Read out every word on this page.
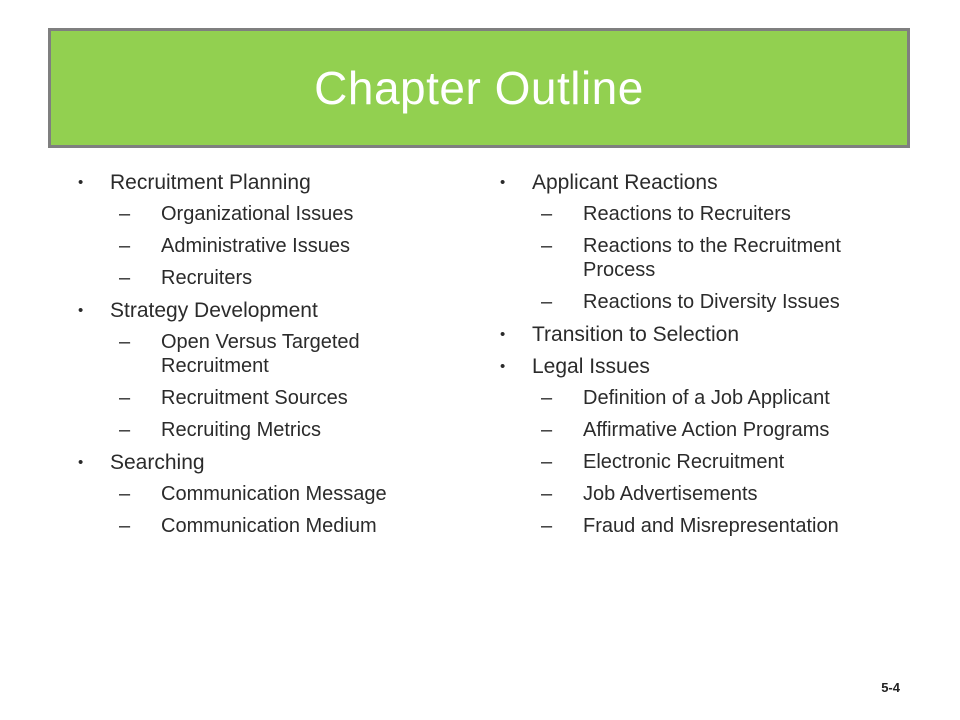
Chapter Outline
•	Recruitment Planning
–	Organizational Issues
–	Administrative Issues
–	Recruiters
•	Strategy Development
–	Open Versus Targeted Recruitment
–	Recruitment Sources
–	Recruiting Metrics
•	Searching
–	Communication Message
–	Communication Medium
•	Applicant Reactions
–	Reactions to Recruiters
–	Reactions to the Recruitment Process
–	Reactions to Diversity Issues
•	Transition to Selection
•	Legal Issues
–	Definition of a Job Applicant
–	Affirmative Action Programs
–	Electronic Recruitment
–	Job Advertisements
–	Fraud and Misrepresentation
5-4
